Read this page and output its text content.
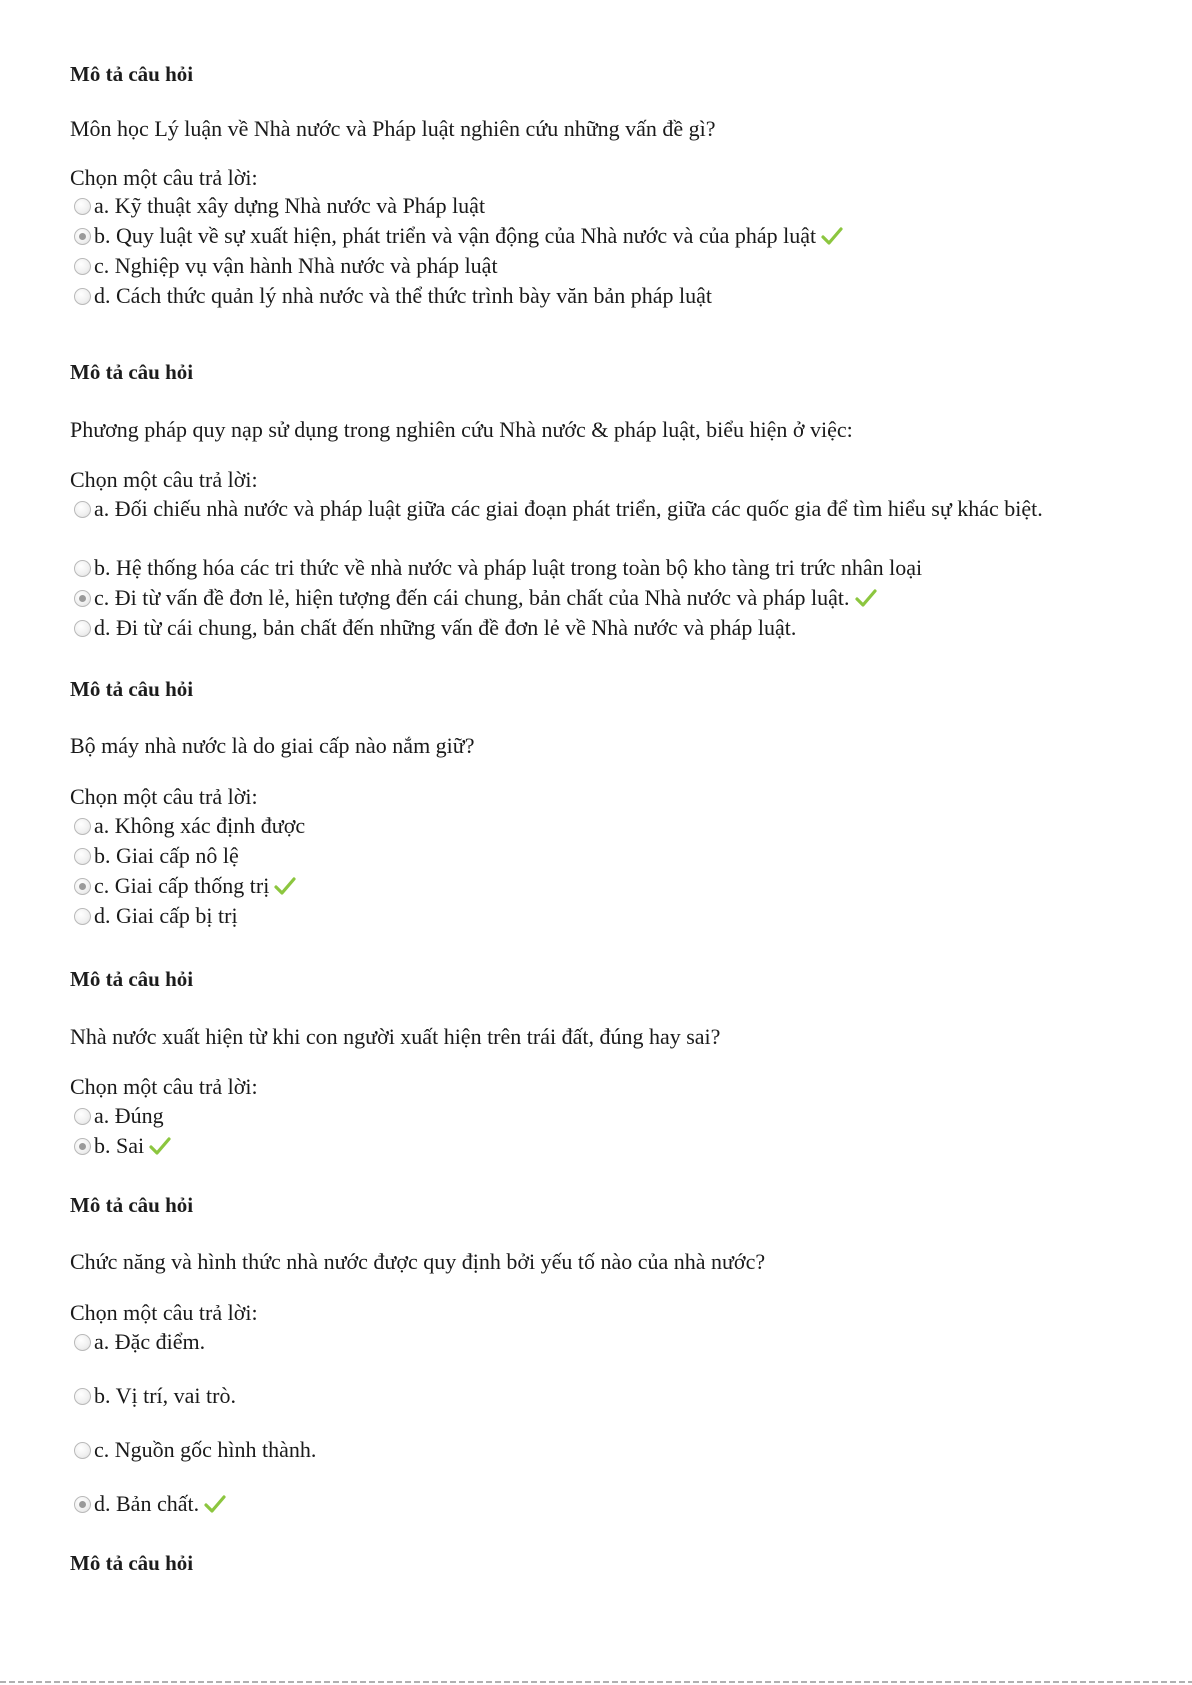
Mô tả câu hỏi
Môn học Lý luận về Nhà nước và Pháp luật nghiên cứu những vấn đề gì?
Chọn một câu trả lời:
a. Kỹ thuật xây dựng Nhà nước và Pháp luật
b. Quy luật về sự xuất hiện, phát triển và vận động của Nhà nước và của pháp luật
c. Nghiệp vụ vận hành Nhà nước và pháp luật
d. Cách thức quản lý nhà nước và thể thức trình bày văn bản pháp luật
Mô tả câu hỏi
Phương pháp quy nạp sử dụng trong nghiên cứu Nhà nước & pháp luật, biểu hiện ở việc:
Chọn một câu trả lời:
a. Đối chiếu nhà nước và pháp luật giữa các giai đoạn phát triển, giữa các quốc gia để tìm hiểu sự khác biệt.
b. Hệ thống hóa các tri thức về nhà nước và pháp luật trong toàn bộ kho tàng tri trức nhân loại
c. Đi từ vấn đề đơn lẻ, hiện tượng đến cái chung, bản chất của Nhà nước và pháp luật.
d. Đi từ cái chung, bản chất đến những vấn đề đơn lẻ về Nhà nước và pháp luật.
Mô tả câu hỏi
Bộ máy nhà nước là do giai cấp nào nắm giữ?
Chọn một câu trả lời:
a. Không xác định được
b. Giai cấp nô lệ
c. Giai cấp thống trị
d. Giai cấp bị trị
Mô tả câu hỏi
Nhà nước xuất hiện từ khi con người xuất hiện trên trái đất, đúng hay sai?
Chọn một câu trả lời:
a. Đúng
b. Sai
Mô tả câu hỏi
Chức năng và hình thức nhà nước được quy định bởi yếu tố nào của nhà nước?
Chọn một câu trả lời:
a. Đặc điểm.
b. Vị trí, vai trò.
c. Nguồn gốc hình thành.
d. Bản chất.
Mô tả câu hỏi
